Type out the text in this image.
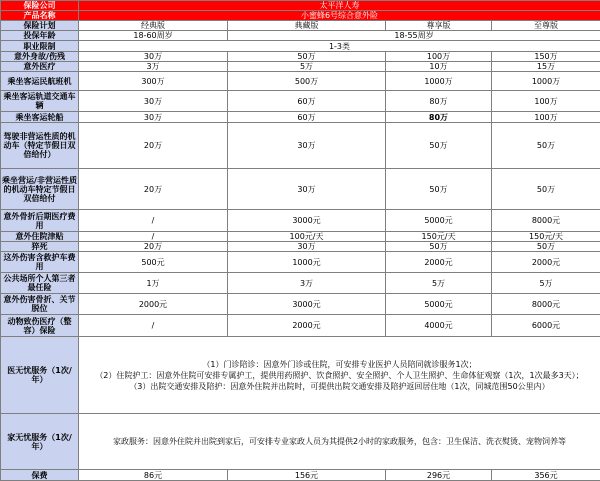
保险公司	太平洋人寿			
产品名称	小蜜蜂6号综合意外险			
保险计划	经典版	典藏版	尊享版	至尊版
投保年龄	18-60周岁	18-55周岁		
职业限制	1-3类			
意外身故/伤残	30万	50万	100万	150万
意外医疗	3万	5万	10万	15万
乘坐客运民航班机	300万	500万	1000万	1000万
乘坐客运轨道交通车辆	30万	60万	80万	100万
乘坐客运轮船	30万	60万	80万	100万
驾驶非营运性质的机动车（特定节假日双倍给付）	20万	30万	50万	50万
乘坐营运/非营运性质的机动车特定节假日双倍给付	20万	30万	50万	50万
意外骨折后期医疗费用	/	3000元	5000元	8000元
意外住院津贴	/	100元/天	150元/天	150元/天
猝死	20万	30万	50万	50万
这外伤害含救护车费用	500元	1000元	2000元	2000元
公共场所个人第三者最任险	1万	3万	5万	5万
意外伤害骨折、关节脱位	2000元	3000元	5000元	8000元
动物致伤医疗（整容）保险	/	2000元	4000元	6000元
医无忧服务（1次/年）	（1）门诊陪诊：因意外门诊或住院，可安排专业医护人员陪同就诊服务1次；
（2）住院护工：因意外住院可安排专属护工，提供用药照护、饮食照护、安全照护、个人卫生照护、生命体征观察（1次，1次最多3天）；
（3）出院交通安排及陪护：因意外住院并出院时，可提供出院交通安排及陪护返回居住地（1次，同城范围50公里内）			

家无忧服务（1次/年）	家政服务：因意外住院并出院到家后，可安排专业家政人员为其提供2小时的家政服务，包含：卫生保洁、洗衣熨烫、宠物饲养等			
保费	86元	156元	296元	356元
